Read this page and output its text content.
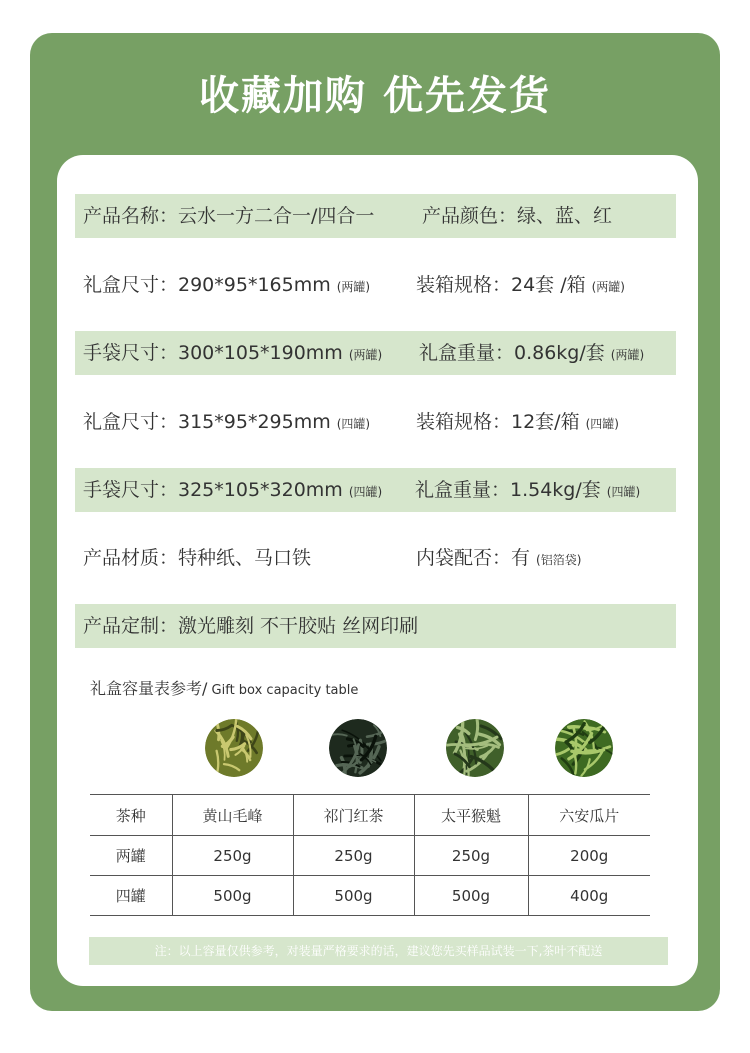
收藏加购 优先发货
产品名称：云水一方二合一/四合一	产品颜色：绿、蓝、红
礼盒尺寸：290*95*165mm (两罐) 装箱规格：24套 /箱 (两罐)
手袋尺寸：300*105*190mm (两罐) 礼盒重量：0.86kg/套 (两罐)
礼盒尺寸：315*95*295mm (四罐) 装箱规格：12套/箱 (四罐)
手袋尺寸：325*105*320mm (四罐) 礼盒重量：1.54kg/套 (四罐)
产品材质：特种纸、马口铁	内袋配否：有 (铝箔袋)
产品定制：激光雕刻 不干胶贴 丝网印刷
礼盒容量表参考/ Gift box capacity table
茶种	黄山毛峰	祁门红茶	太平猴魁	六安瓜片
两罐	250g	250g	250g	200g
四罐	500g	500g	500g	400g
注：以上容量仅供参考，对装量严格要求的话，建议您先买样品试装一下,茶叶不配送
